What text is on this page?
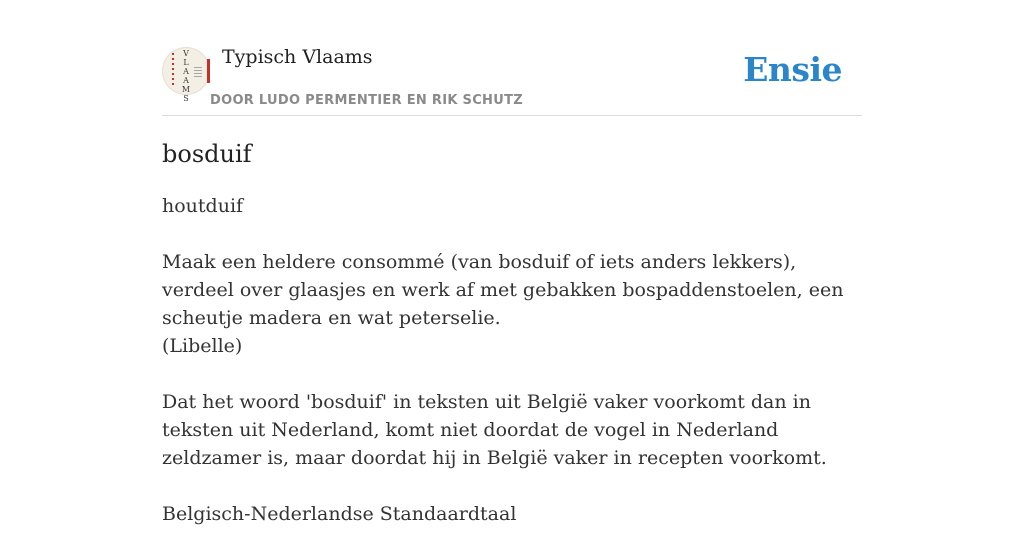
V
L
A
A
M
S
Typisch Vlaams
DOOR LUDO PERMENTIER EN RIK SCHUTZ
Ensie
bosduif

houtduif

Maak een heldere consommé (van bosduif of iets anders lekkers), verdeel over glaasjes en werk af met gebakken bospaddenstoelen, een scheutje madera en wat peterselie.
(Libelle)

Dat het woord 'bosduif' in teksten uit België vaker voorkomt dan in teksten uit Nederland, komt niet doordat de vogel in Nederland zeldzamer is, maar doordat hij in België vaker in recepten voorkomt.

Belgisch-Nederlandse Standaardtaal
